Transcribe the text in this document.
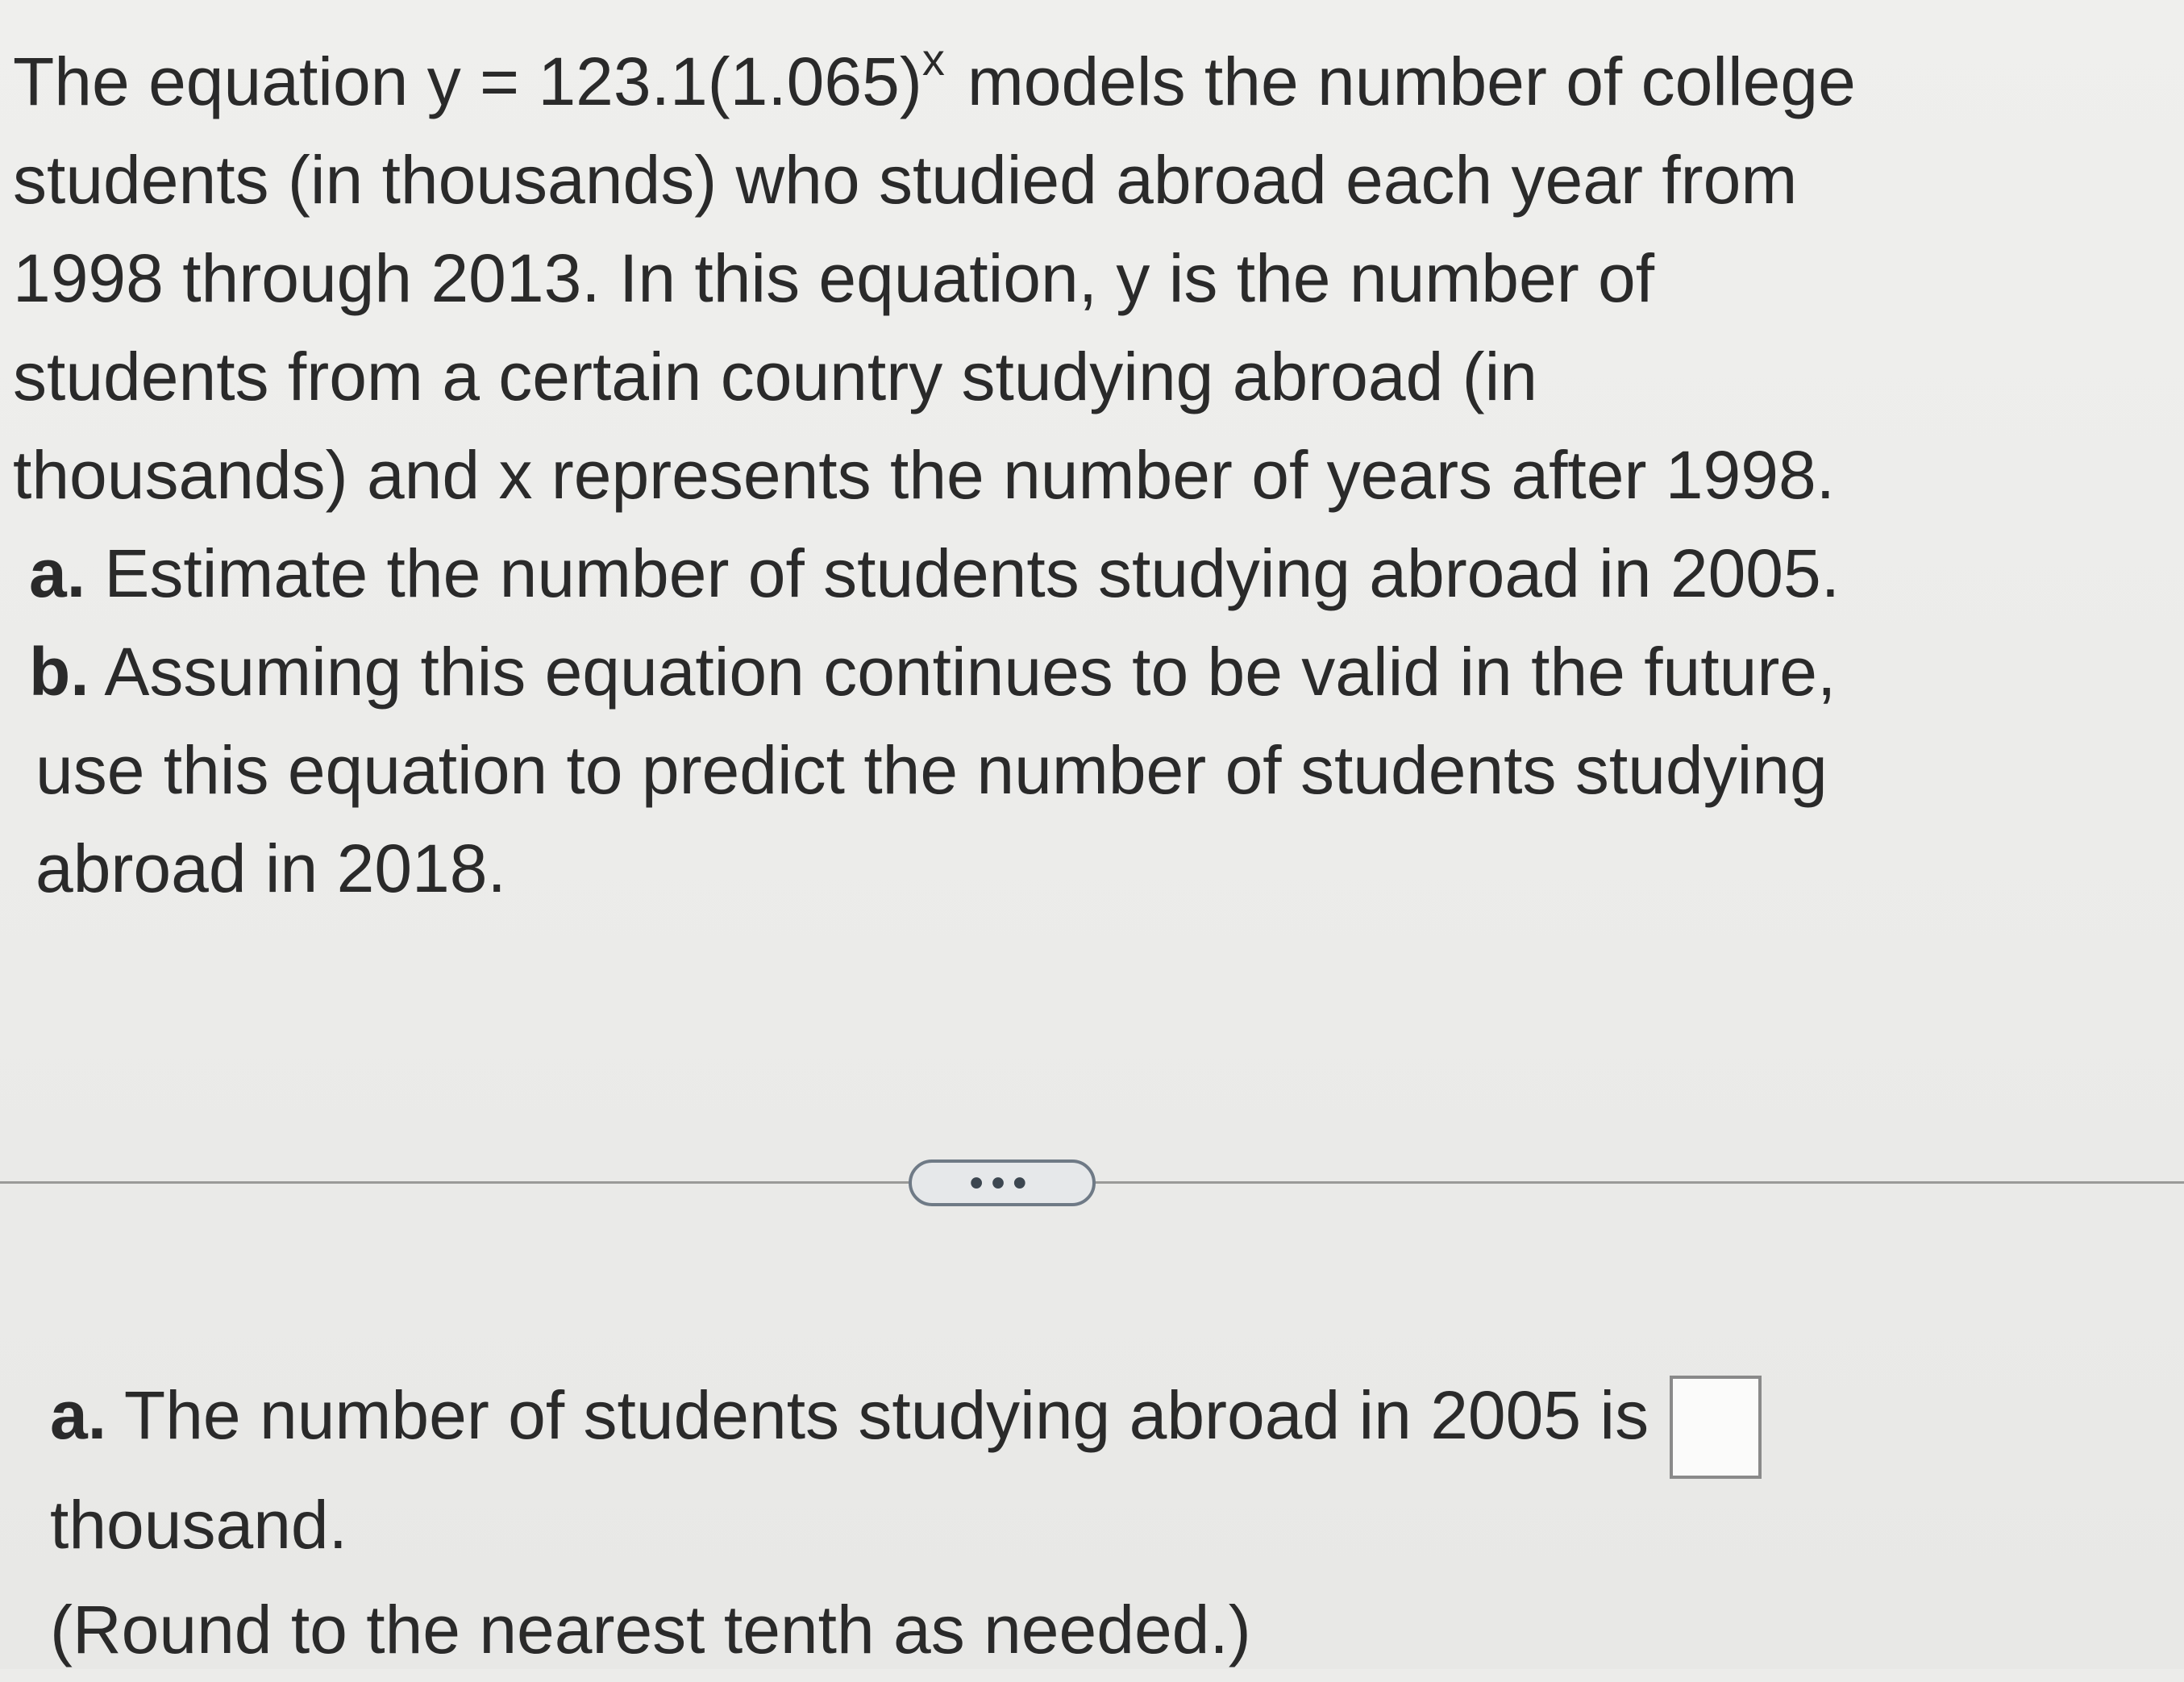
The equation $y = 123.1(1.065)^x$ models the number of college
students (in thousands) who studied abroad each year from
1998 through 2013. In this equation, y is the number of
students from a certain country studying abroad (in
thousands) and x represents the number of years after 1998.
a. Estimate the number of students studying abroad in 2005.
b. Assuming this equation continues to be valid in the future,
use this equation to predict the number of students studying
abroad in 2018.
•••
a. The number of students studying abroad in 2005 is
thousand.
(Round to the nearest tenth as needed.)
